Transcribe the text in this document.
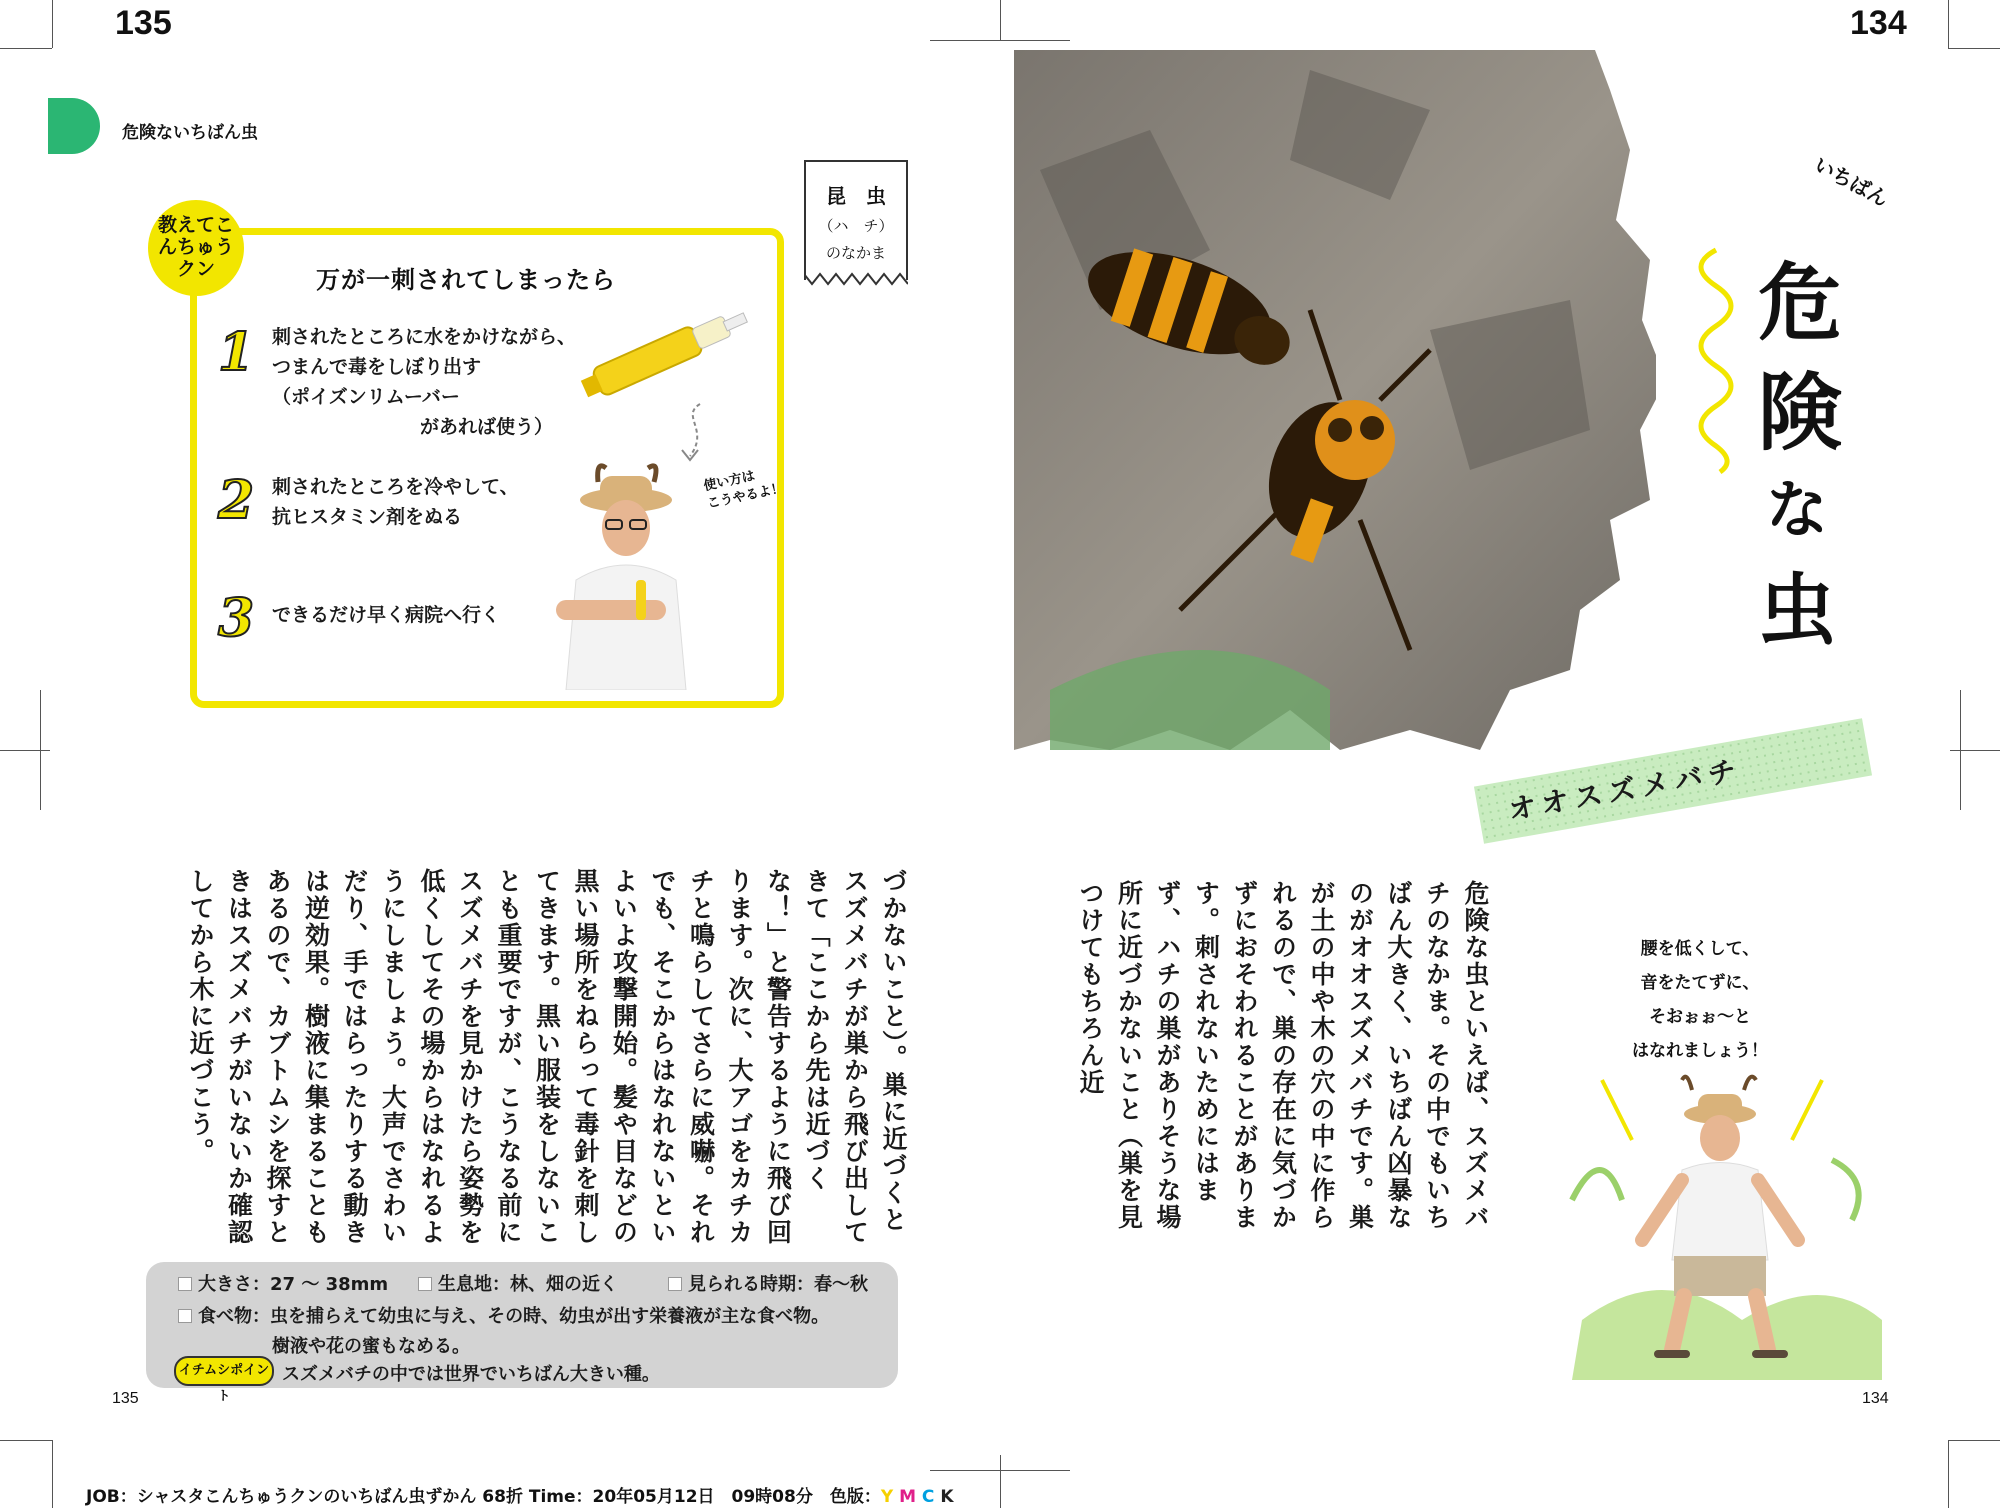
135	134
危険ないちばん虫
昆　虫
（ハ　チ）
のなかま
教えてこんちゅうクン	万が一刺されてしまったら
1 刺されたところに水をかけながら、
つまんで毒をしぼり出す
（ポイズンリムーバー
があれば使う）
2 刺されたところを冷やして、
抗ヒスタミン剤をぬる
3 できるだけ早く病院へ行く
使い方は
こうやるよ！
づかないこと）。巣に近づくとスズメバチが巣から飛び出してきて「ここから先は近づくな！」と警告するように飛び回ります。次に、大アゴをカチカチと鳴らしてさらに威嚇。それでも、そこからはなれないといよいよ攻撃開始。髪や目などの黒い場所をねらって毒針を刺してきます。黒い服装をしないことも重要ですが、こうなる前にスズメバチを見かけたら姿勢を低くしてその場からはなれるようにしましょう。大声でさわいだり、手ではらったりする動きは逆効果。樹液に集まることもあるので、カブトムシを探すときはスズメバチがいないか確認してから木に近づこう。
大きさ：27 ～ 38mm	生息地：林、畑の近く	見られる時期：春～秋
食べ物：虫を捕らえて幼虫に与え、その時、幼虫が出す栄養液が主な食べ物。
樹液や花の蜜もなめる。
イチムシポイント
スズメバチの中では世界でいちばん大きい種。
135
いちばん
危
険
な
虫
オオスズメバチ
危険な虫といえば、スズメバチのなかま。その中でもいちばん大きく、いちばん凶暴なのがオオスズメバチです。巣が土の中や木の穴の中に作られるので、巣の存在に気づかずにおそわれることがあります。刺されないためにはまず、ハチの巣がありそうな場所に近づかないこと（巣を見つけてもちろん近	腰を低くして、
音をたてずに、
そおぉぉ～と
はなれましょう！
134
JOB：シャスタこんちゅうクンのいちばん虫ずかん 68折 Time：20年05月12日　09時08分　色版：Y M C K
